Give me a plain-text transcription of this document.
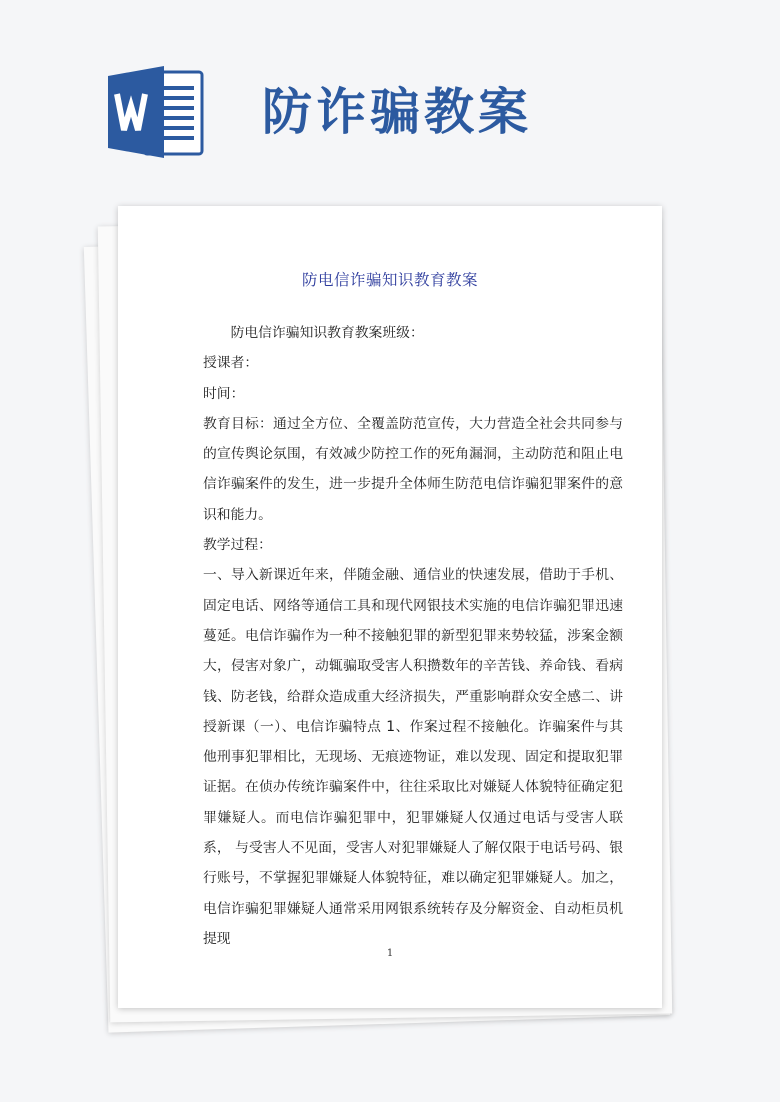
防诈骗教案
防电信诈骗知识教育教案

防电信诈骗知识教育教案班级：

授课者：

时间：

教育目标：通过全方位、全覆盖防范宣传，大力营造全社会共同参与的宣传舆论氛围，有效减少防控工作的死角漏洞，主动防范和阻止电信诈骗案件的发生，进一步提升全体师生防范电信诈骗犯罪案件的意识和能力。

教学过程：

一、导入新课近年来，伴随金融、通信业的快速发展，借助于手机、固定电话、网络等通信工具和现代网银技术实施的电信诈骗犯罪迅速蔓延。电信诈骗作为一种不接触犯罪的新型犯罪来势较猛，涉案金额大，侵害对象广，动辄骗取受害人积攒数年的辛苦钱、养命钱、看病钱、防老钱，给群众造成重大经济损失，严重影响群众安全感二、讲授新课（一）、电信诈骗特点 1、作案过程不接触化。诈骗案件与其他刑事犯罪相比，无现场、无痕迹物证，难以发现、固定和提取犯罪证据。在侦办传统诈骗案件中，往往采取比对嫌疑人体貌特征确定犯罪嫌疑人。而电信诈骗犯罪中，犯罪嫌疑人仅通过电话与受害人联系， 与受害人不见面，受害人对犯罪嫌疑人了解仅限于电话号码、银行账号，不掌握犯罪嫌疑人体貌特征，难以确定犯罪嫌疑人。加之，电信诈骗犯罪嫌疑人通常采用网银系统转存及分解资金、自动柜员机提现

1
